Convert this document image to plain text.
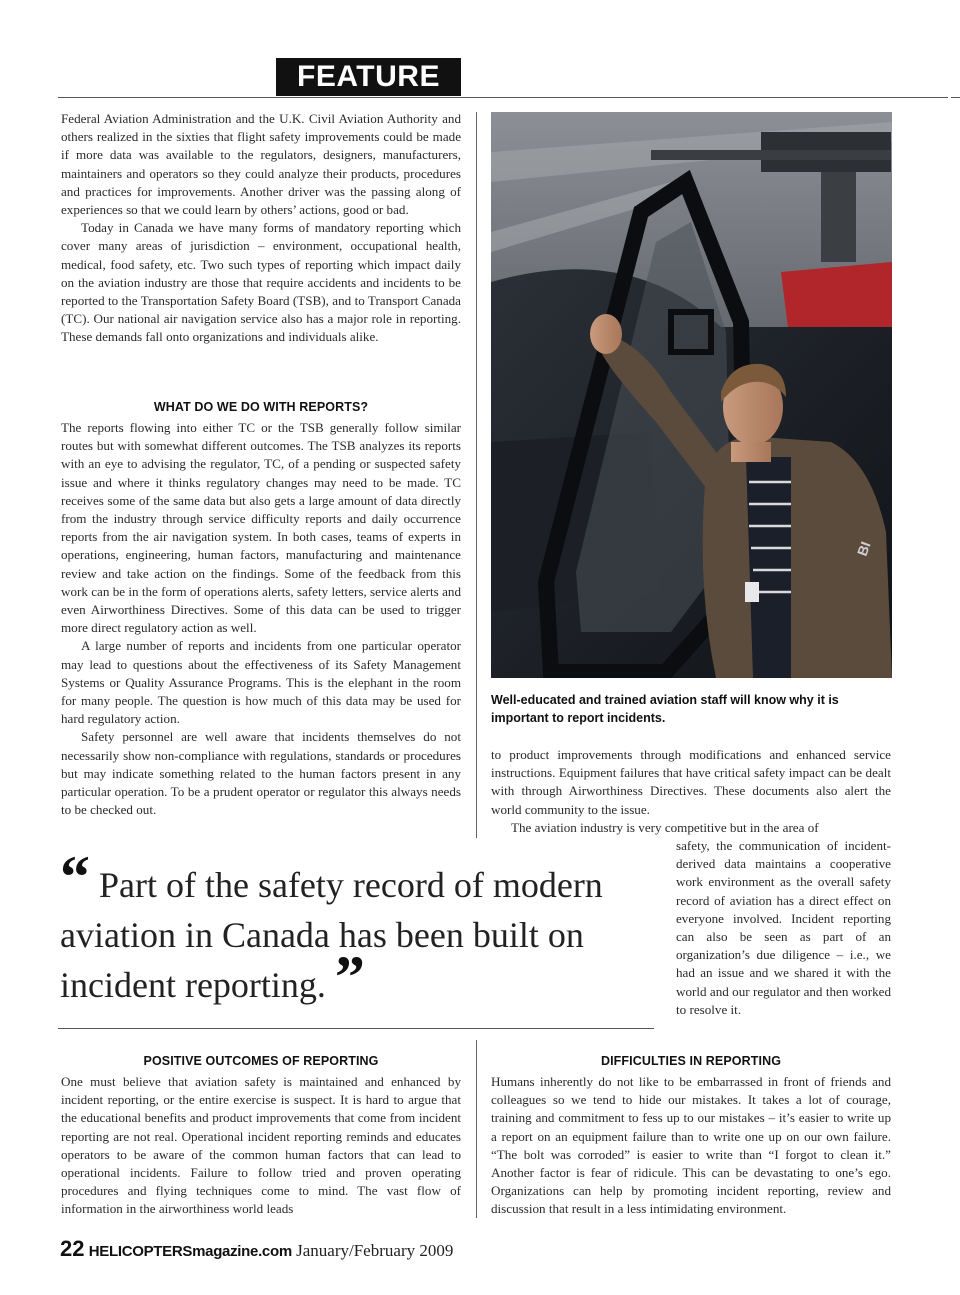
FEATURE

Federal Aviation Administration and the U.K. Civil Aviation Authority and others realized in the sixties that flight safety improvements could be made if more data was available to the regulators, designers, manufacturers, maintainers and operators so they could analyze their products, procedures and practices for improvements. Another driver was the passing along of experiences so that we could learn by others’ actions, good or bad.

Today in Canada we have many forms of mandatory reporting which cover many areas of jurisdiction – environment, occupational health, medical, food safety, etc. Two such types of reporting which impact daily on the aviation industry are those that require accidents and incidents to be reported to the Transportation Safety Board (TSB), and to Transport Canada (TC). Our national air navigation service also has a major role in reporting. These demands fall onto organizations and individuals alike.

WHAT DO WE DO WITH REPORTS?

The reports flowing into either TC or the TSB generally follow similar routes but with somewhat different outcomes. The TSB analyzes its reports with an eye to advising the regulator, TC, of a pending or suspected safety issue and where it thinks regulatory changes may need to be made. TC receives some of the same data but also gets a large amount of data directly from the industry through service difficulty reports and daily occurrence reports from the air navigation system. In both cases, teams of experts in operations, engineering, human factors, manufacturing and maintenance review and take action on the findings. Some of the feedback from this work can be in the form of operations alerts, safety letters, service alerts and even Airworthiness Directives. Some of this data can be used to trigger more direct regulatory action as well.

A large number of reports and incidents from one particular operator may lead to questions about the effectiveness of its Safety Management Systems or Quality Assurance Programs. This is the elephant in the room for many people. The question is how much of this data may be used for hard regulatory action.

Safety personnel are well aware that incidents themselves do not necessarily show non-compliance with regulations, standards or procedures but may indicate something related to the human factors present in any particular operation. To be a prudent operator or regulator this always needs to be checked out.

BI
Well-educated and trained aviation staff will know why it is important to report incidents.

to product improvements through modifications and enhanced service instructions. Equipment failures that have critical safety impact can be dealt with through Airworthiness Directives. These documents also alert the world community to the issue.

The aviation industry is very competitive but in the area of

safety, the communication of incident-derived data maintains a cooperative work environment as the overall safety record of aviation has a direct effect on everyone involved. Incident reporting can also be seen as part of an organization’s due diligence – i.e., we had an issue and we shared it with the world and our regulator and then worked to resolve it.
“ Part of the safety record of modern aviation in Canada has been built on incident reporting. ”
POSITIVE OUTCOMES OF REPORTING
One must believe that aviation safety is maintained and enhanced by incident reporting, or the entire exercise is suspect. It is hard to argue that the educational benefits and product improvements that come from incident reporting are not real. Operational incident reporting reminds and educates operators to be aware of the common human factors that can lead to operational incidents. Failure to follow tried and proven operating procedures and flying techniques come to mind. The vast flow of information in the airworthiness world leads
DIFFICULTIES IN REPORTING
Humans inherently do not like to be embarrassed in front of friends and colleagues so we tend to hide our mistakes. It takes a lot of courage, training and commitment to fess up to our mistakes – it’s easier to write up a report on an equipment failure than to write one up on our own failure. “The bolt was corroded” is easier to write than “I forgot to clean it.” Another factor is fear of ridicule. This can be devastating to one’s ego. Organizations can help by promoting incident reporting, review and discussion that result in a less intimidating environment.
22 HELICOPTERSmagazine.com January/February 2009
